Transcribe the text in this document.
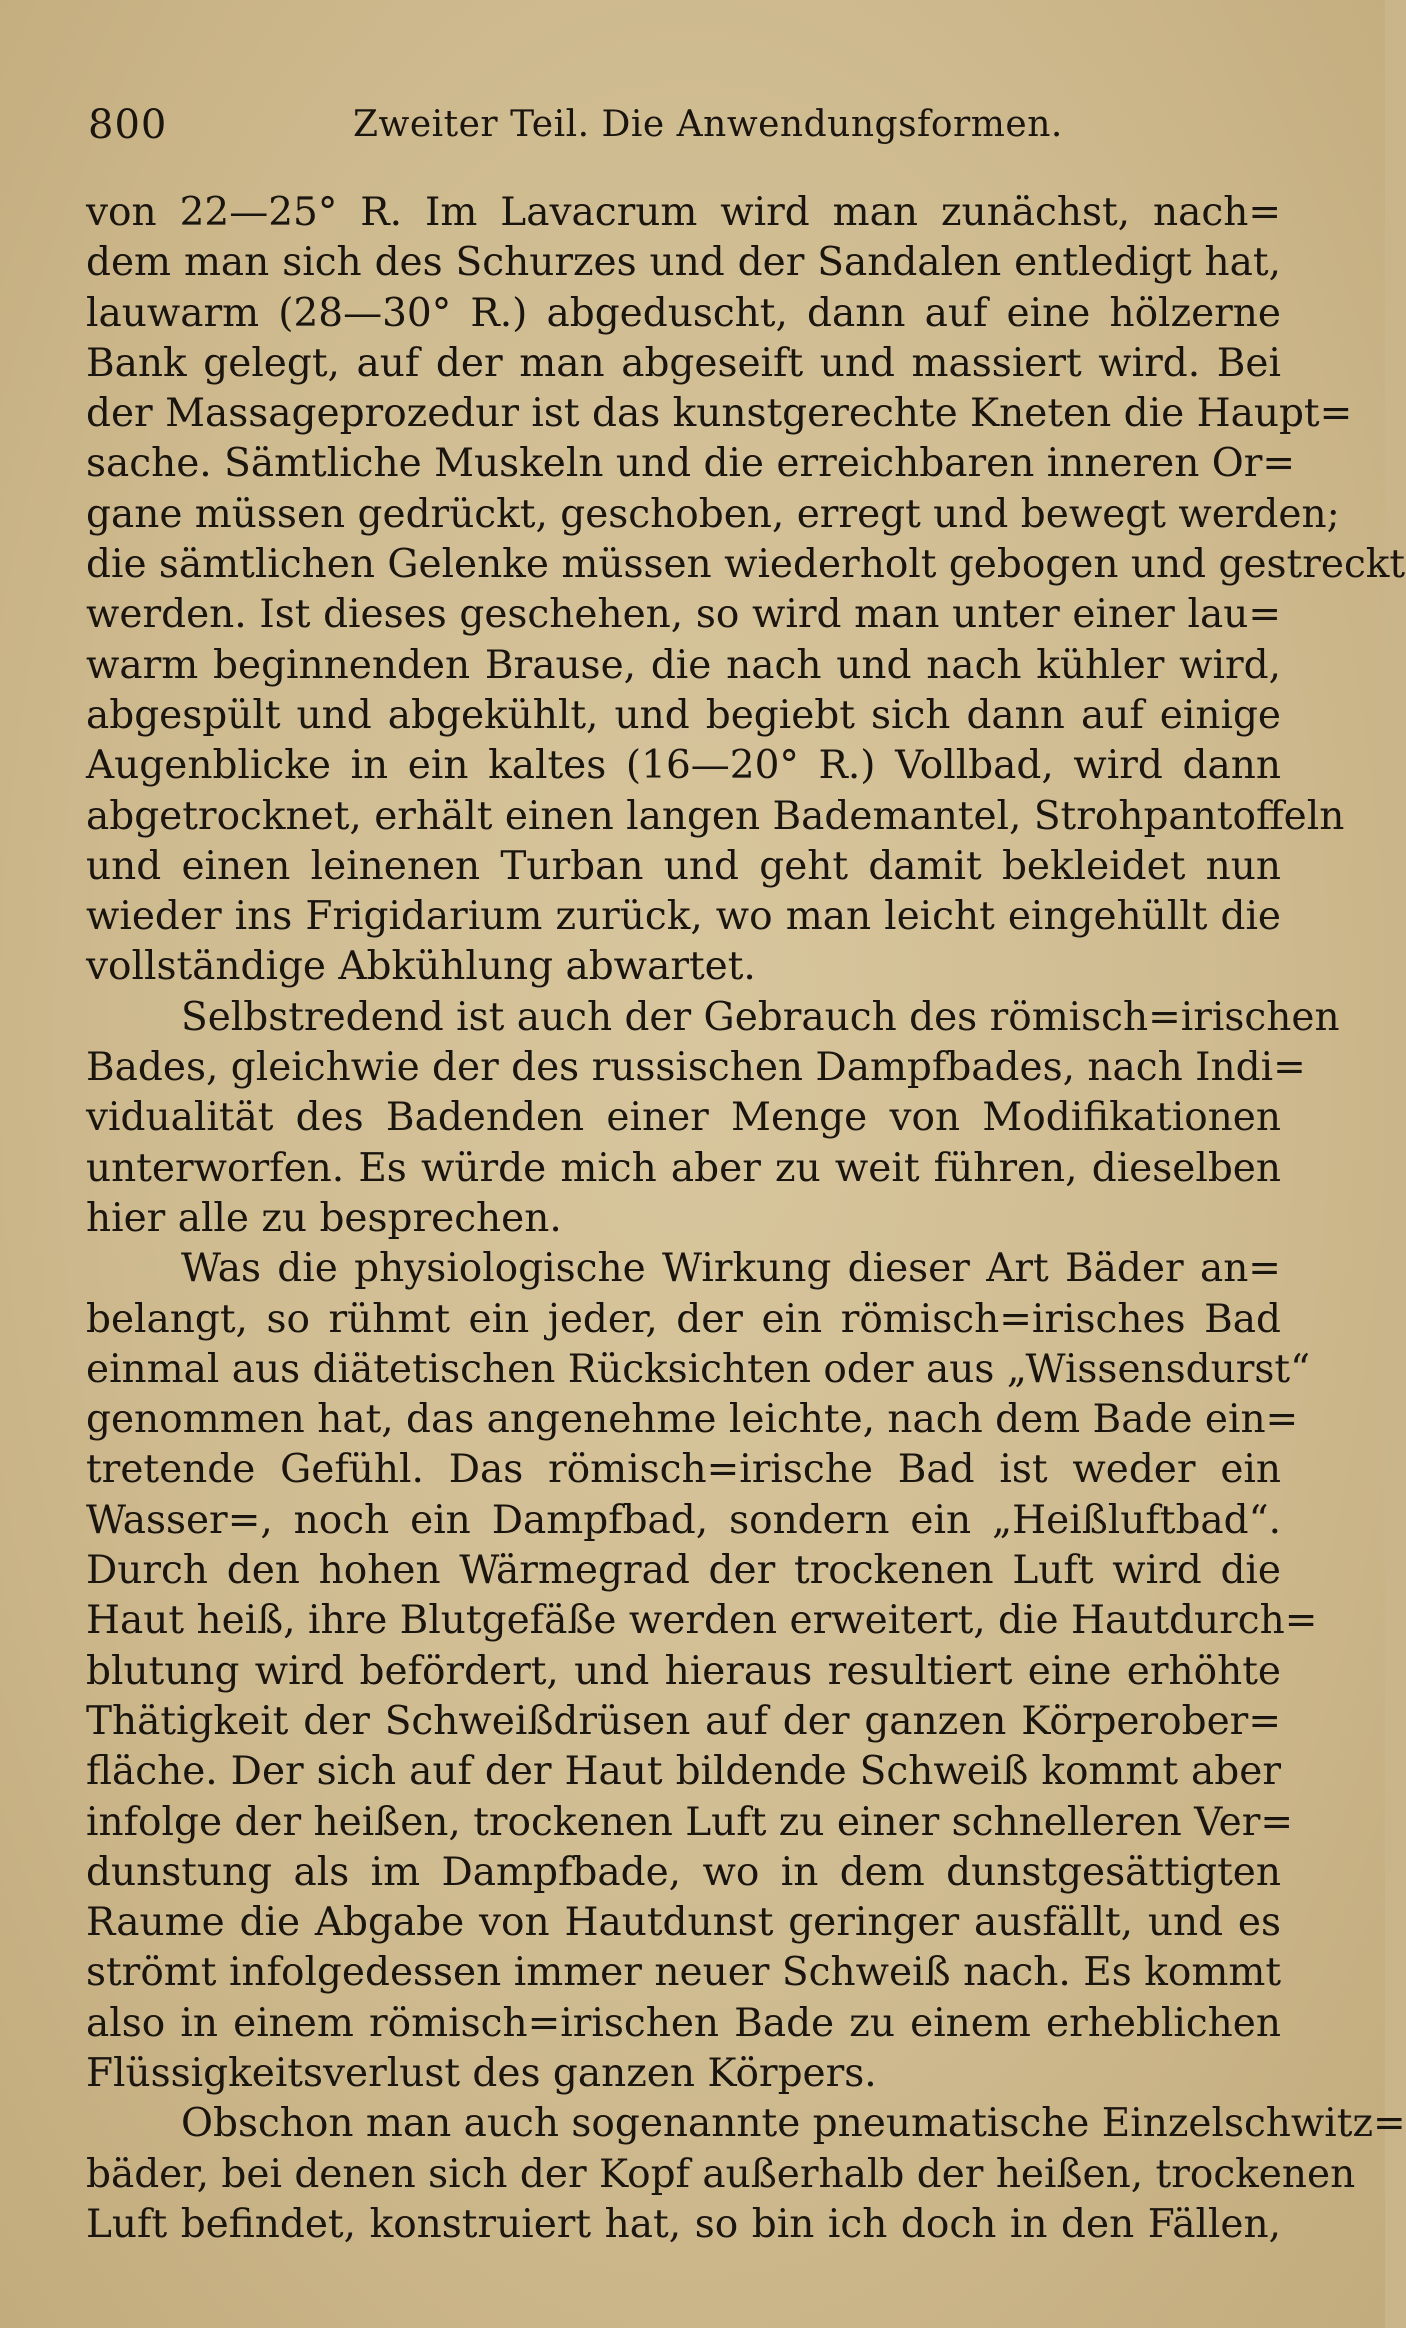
800	Zweiter Teil. Die Anwendungsformen.
von 22—25° R. Im Lavacrum wird man zunächst, nach=
dem man sich des Schurzes und der Sandalen entledigt hat,
lauwarm (28—30° R.) abgeduscht, dann auf eine hölzerne
Bank gelegt, auf der man abgeseift und massiert wird. Bei
der Massageprozedur ist das kunstgerechte Kneten die Haupt=
sache. Sämtliche Muskeln und die erreichbaren inneren Or=
gane müssen gedrückt, geschoben, erregt und bewegt werden;
die sämtlichen Gelenke müssen wiederholt gebogen und gestreckt
werden. Ist dieses geschehen, so wird man unter einer lau=
warm beginnenden Brause, die nach und nach kühler wird,
abgespült und abgekühlt, und begiebt sich dann auf einige
Augenblicke in ein kaltes (16—20° R.) Vollbad, wird dann
abgetrocknet, erhält einen langen Bademantel, Strohpantoffeln
und einen leinenen Turban und geht damit bekleidet nun
wieder ins Frigidarium zurück, wo man leicht eingehüllt die
vollständige Abkühlung abwartet.
Selbstredend ist auch der Gebrauch des römisch=irischen
Bades, gleichwie der des russischen Dampfbades, nach Indi=
vidualität des Badenden einer Menge von Modifikationen
unterworfen. Es würde mich aber zu weit führen, dieselben
hier alle zu besprechen.
Was die physiologische Wirkung dieser Art Bäder an=
belangt, so rühmt ein jeder, der ein römisch=irisches Bad
einmal aus diätetischen Rücksichten oder aus „Wissensdurst“
genommen hat, das angenehme leichte, nach dem Bade ein=
tretende Gefühl. Das römisch=irische Bad ist weder ein
Wasser=, noch ein Dampfbad, sondern ein „Heißluftbad“.
Durch den hohen Wärmegrad der trockenen Luft wird die
Haut heiß, ihre Blutgefäße werden erweitert, die Hautdurch=
blutung wird befördert, und hieraus resultiert eine erhöhte
Thätigkeit der Schweißdrüsen auf der ganzen Körperober=
fläche. Der sich auf der Haut bildende Schweiß kommt aber
infolge der heißen, trockenen Luft zu einer schnelleren Ver=
dunstung als im Dampfbade, wo in dem dunstgesättigten
Raume die Abgabe von Hautdunst geringer ausfällt, und es
strömt infolgedessen immer neuer Schweiß nach. Es kommt
also in einem römisch=irischen Bade zu einem erheblichen
Flüssigkeitsverlust des ganzen Körpers.
Obschon man auch sogenannte pneumatische Einzelschwitz=
bäder, bei denen sich der Kopf außerhalb der heißen, trockenen
Luft befindet, konstruiert hat, so bin ich doch in den Fällen,
